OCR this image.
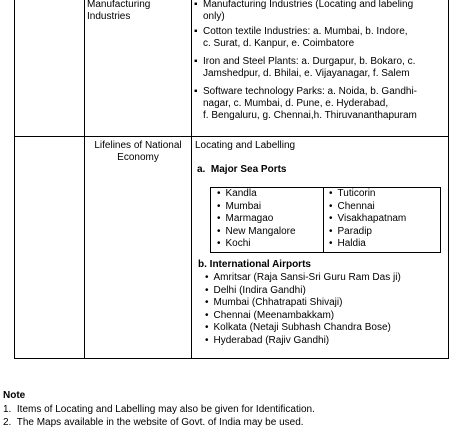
Manufacturing
Industries
▪ Manufacturing Industries (Locating and labeling
only)
▪ Cotton textile Industries: a. Mumbai, b. Indore,
c. Surat, d. Kanpur, e. Coimbatore
▪ Iron and Steel Plants: a. Durgapur, b. Bokaro, c.
Jamshedpur, d. Bhilai, e. Vijayanagar, f. Salem
▪ Software technology Parks: a. Noida, b. Gandhi-
nagar, c. Mumbai, d. Pune, e. Hyderabad,
f. Bengaluru, g. Chennai,h. Thiruvananthapuram
Lifelines of National
Economy
Locating and Labelling
a.  Major Sea Ports
• Kandla
• Mumbai
• Marmagao
• New Mangalore
• Kochi
• Tuticorin
• Chennai
• Visakhapatnam
• Paradip
• Haldia
b. International Airports
• Amritsar (Raja Sansi-Sri Guru Ram Das ji)
• Delhi (Indira Gandhi)
• Mumbai (Chhatrapati Shivaji)
• Chennai (Meenambakkam)
• Kolkata (Netaji Subhash Chandra Bose)
• Hyderabad (Rajiv Gandhi)
Note
1.  Items of Locating and Labelling may also be given for Identification.
2.  The Maps available in the website of Govt. of India may be used.
